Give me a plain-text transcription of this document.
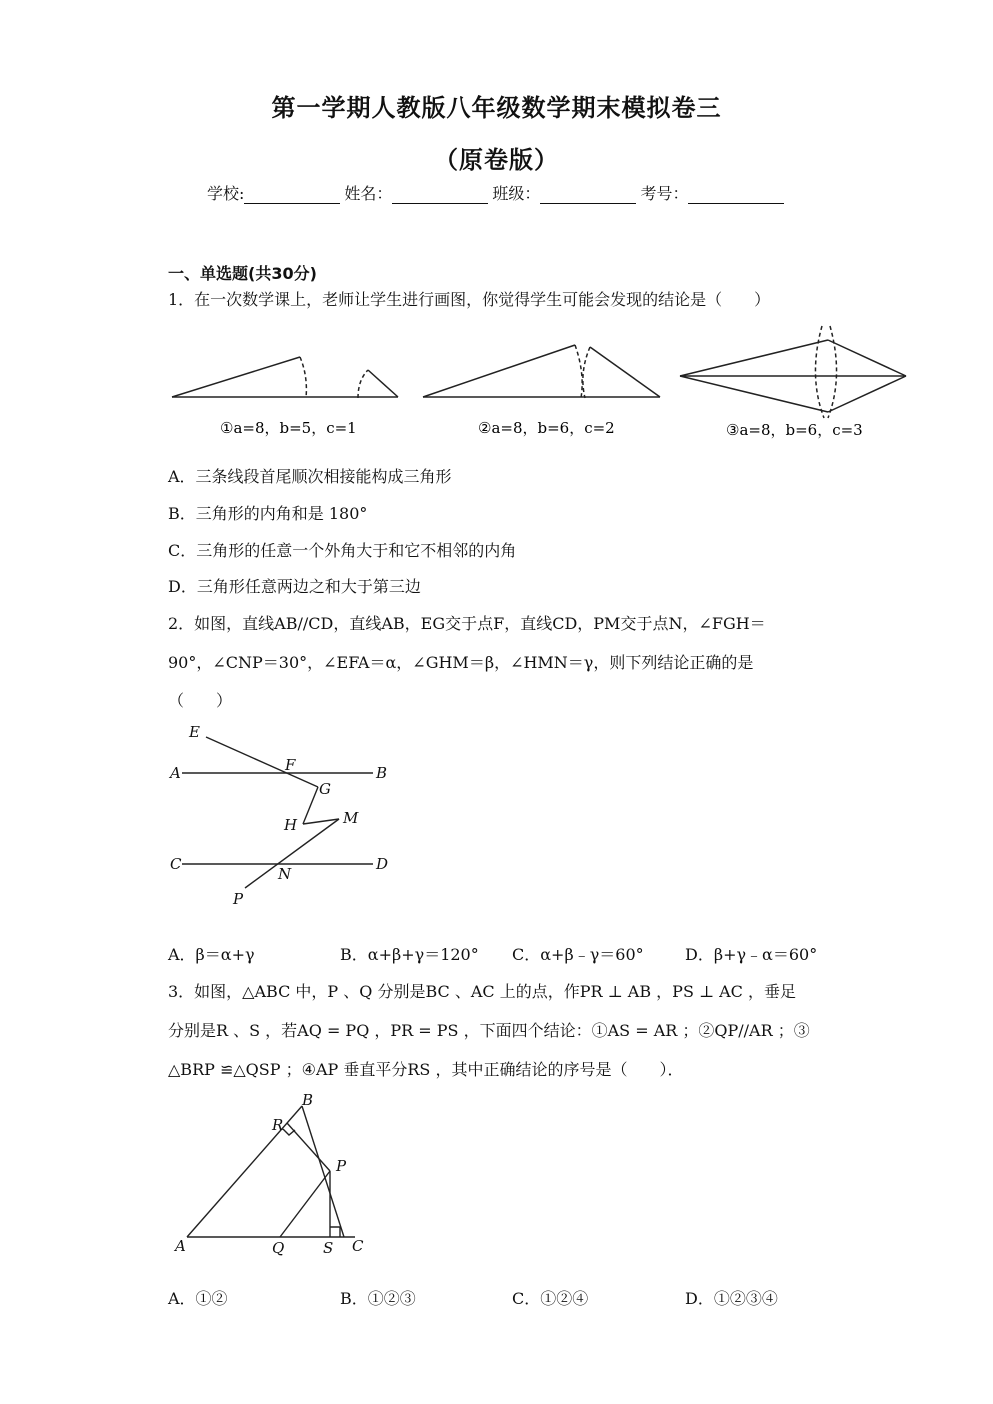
第一学期人教版八年级数学期末模拟卷三
（原卷版）
学校:	姓名：	班级：	考号：
一、单选题(共30分)
1．在一次数学课上，老师让学生进行画图，你觉得学生可能会发现的结论是（　　）
①a=8，b=5，c=1	②a=8，b=6，c=2	③a=8，b=6，c=3
A．三条线段首尾顺次相接能构成三角形
B．三角形的内角和是 180°
C．三角形的任意一个外角大于和它不相邻的内角
D．三角形任意两边之和大于第三边
2．如图，直线AB//CD，直线AB，EG交于点F，直线CD，PM交于点N，∠FGH＝
90°，∠CNP＝30°，∠EFA＝α，∠GHM＝β，∠HMN＝γ，则下列结论正确的是
（　　）
E
A	F	B
G
H	M
C
N
D
P
A．β＝α+γ	B．α+β+γ＝120° C．α+β﹣γ＝60°	D．β+γ﹣α＝60°
3．如图，△ABC 中，P 、Q 分别是BC 、AC 上的点，作PR ⊥ AB ，PS ⊥ AC ，垂足
分别是R 、S ，若AQ = PQ ，PR = PS ，下面四个结论：①AS = AR ；②QP//AR ；③
△BRP ≌△QSP ；④AP 垂直平分RS ，其中正确结论的序号是（　　）．
B
R
P
A	Q	S C
A．①②	B．①②③	C．①②④	D．①②③④
